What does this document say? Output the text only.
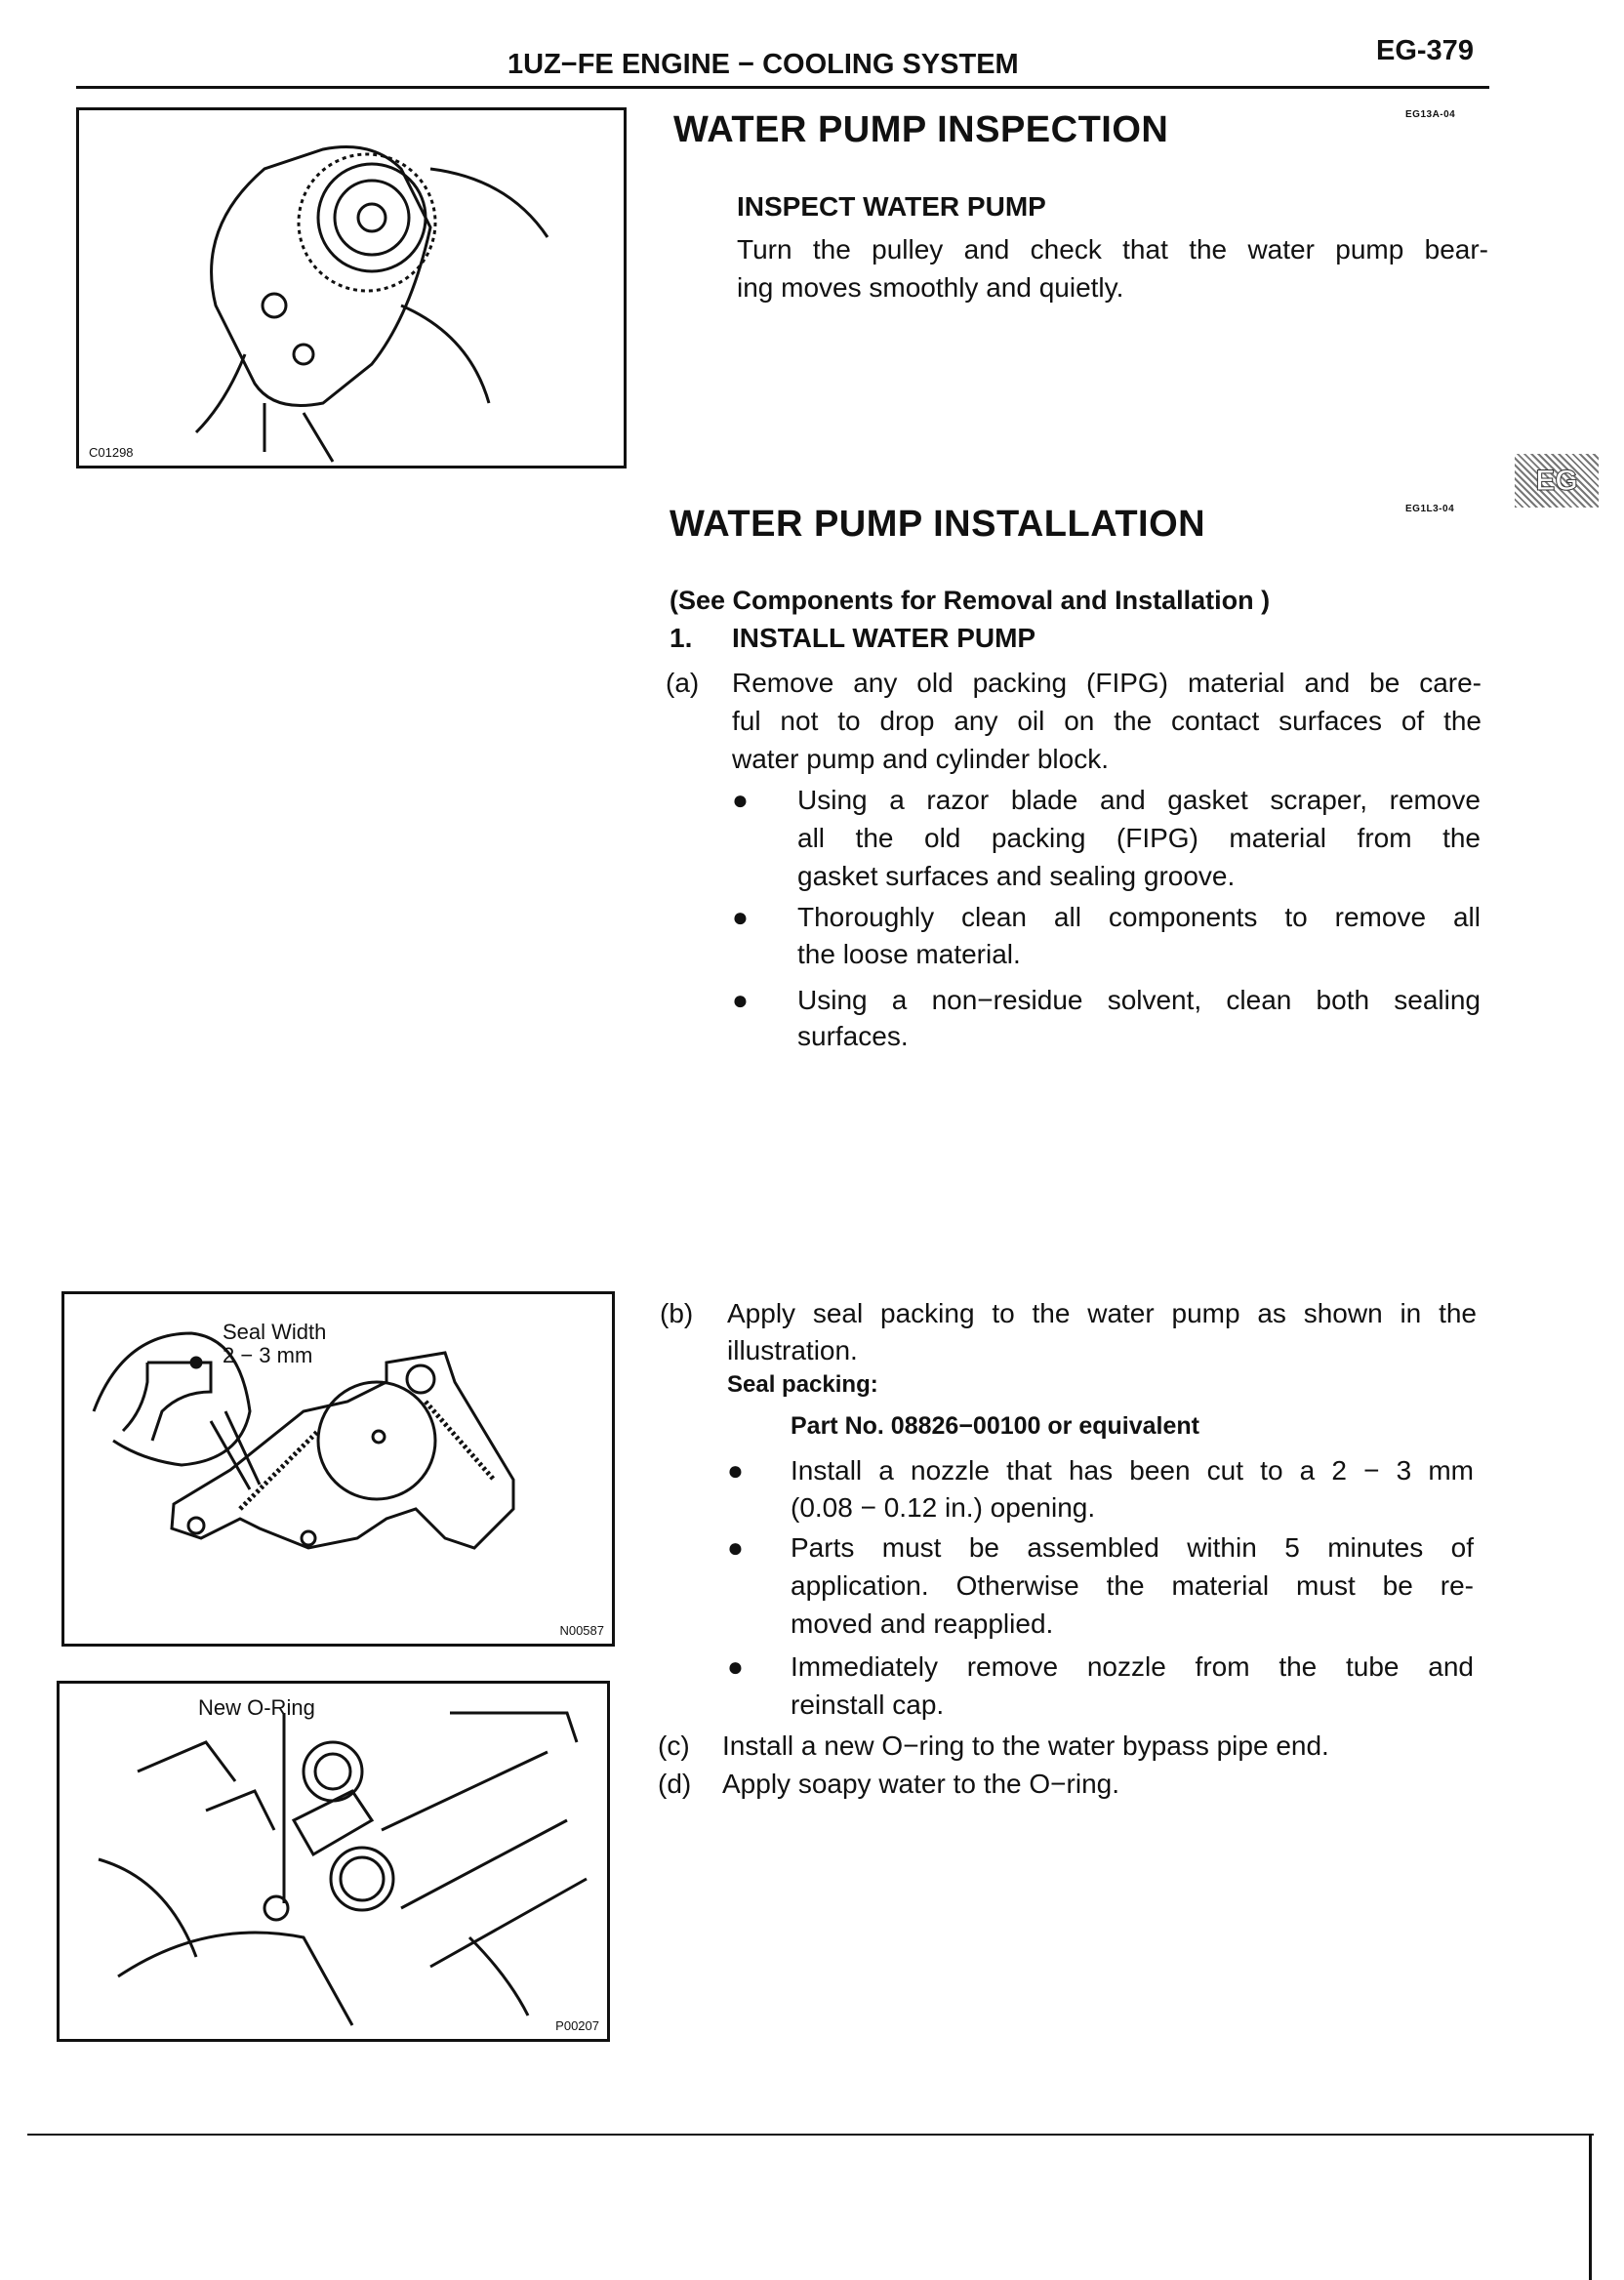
1UZ−FE ENGINE − COOLING SYSTEM	EG-379
EG
C01298
WATER PUMP INSPECTION	EG13A-04
INSPECT WATER PUMP
Turn the pulley and check that the water pump bear-
ing moves smoothly and quietly.
WATER PUMP INSTALLATION	EG1L3-04
(See Components for Removal and Installation )
1. INSTALL WATER PUMP
(a) Remove any old packing (FIPG) material and be care-
ful not to drop any oil on the contact surfaces of the
water pump and cylinder block.
● Using a razor blade and gasket scraper, remove
all the old packing (FIPG) material from the
gasket surfaces and sealing groove.
● Thoroughly clean all components to remove all
the loose material.
● Using a non−residue solvent, clean both sealing
surfaces.
Seal Width
2 − 3 mm
N00587
New O-Ring
P00207
(b) Apply seal packing to the water pump as shown in the
illustration.
Seal packing:
Part No. 08826−00100 or equivalent
● Install a nozzle that has been cut to a 2 − 3 mm
(0.08 − 0.12 in.) opening.
● Parts must be assembled within 5 minutes of
application. Otherwise the material must be re-
moved and reapplied.
● Immediately remove nozzle from the tube and
reinstall cap.
(c) Install a new O−ring to the water bypass pipe end.
(d) Apply soapy water to the O−ring.
